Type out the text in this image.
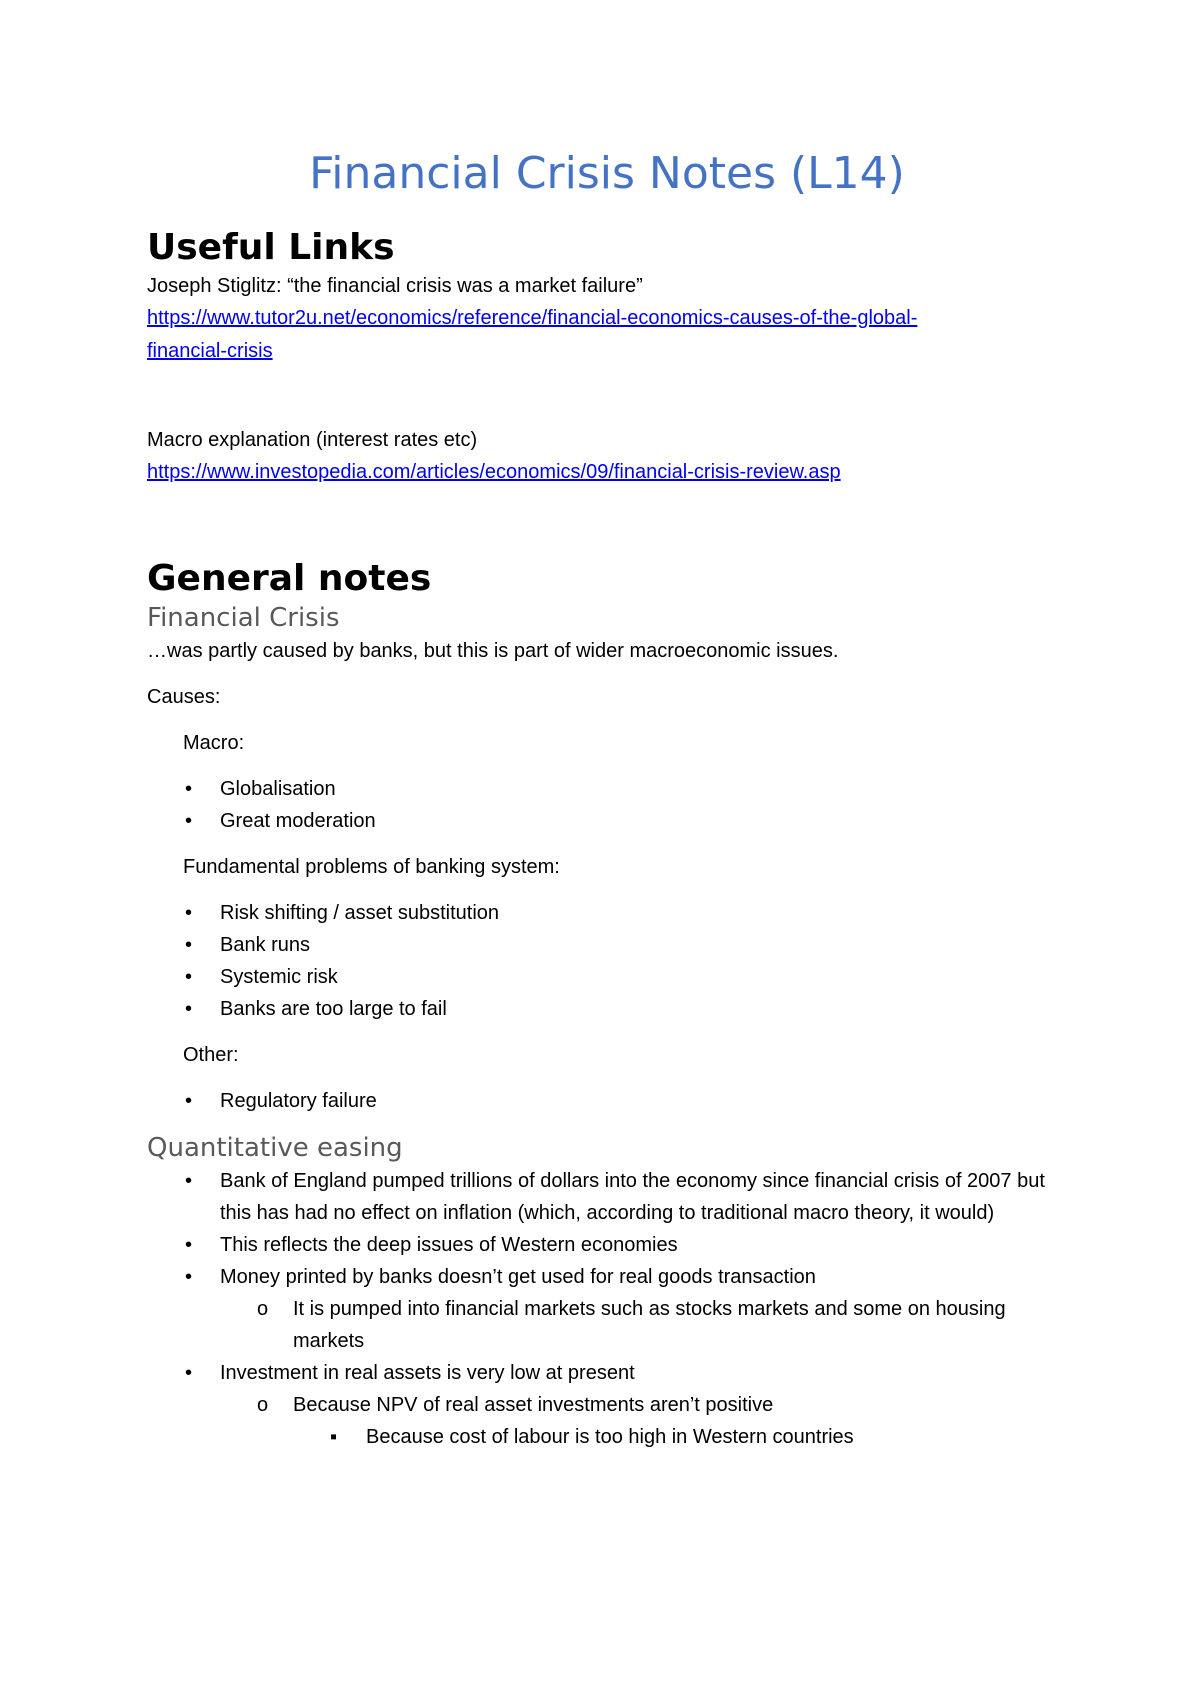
Financial Crisis Notes (L14)
Useful Links

Joseph Stiglitz: “the financial crisis was a market failure”

https://www.tutor2u.net/economics/reference/financial-economics-causes-of-the-global-
financial-crisis

Macro explanation (interest rates etc)

https://www.investopedia.com/articles/economics/09/financial-crisis-review.asp
General notes
Financial Crisis

…was partly caused by banks, but this is part of wider macroeconomic issues.

Causes:

Macro:

• Globalisation
• Great moderation

Fundamental problems of banking system:

• Risk shifting / asset substitution
• Bank runs
• Systemic risk
• Banks are too large to fail

Other:

• Regulatory failure
Quantitative easing
• Bank of England pumped trillions of dollars into the economy since financial crisis of 2007 but this has had no effect on inflation (which, according to traditional macro theory, it would)
• This reflects the deep issues of Western economies
• Money printed by banks doesn’t get used for real goods transaction
o It is pumped into financial markets such as stocks markets and some on housing markets
• Investment in real assets is very low at present
o Because NPV of real asset investments aren’t positive
▪ Because cost of labour is too high in Western countries
